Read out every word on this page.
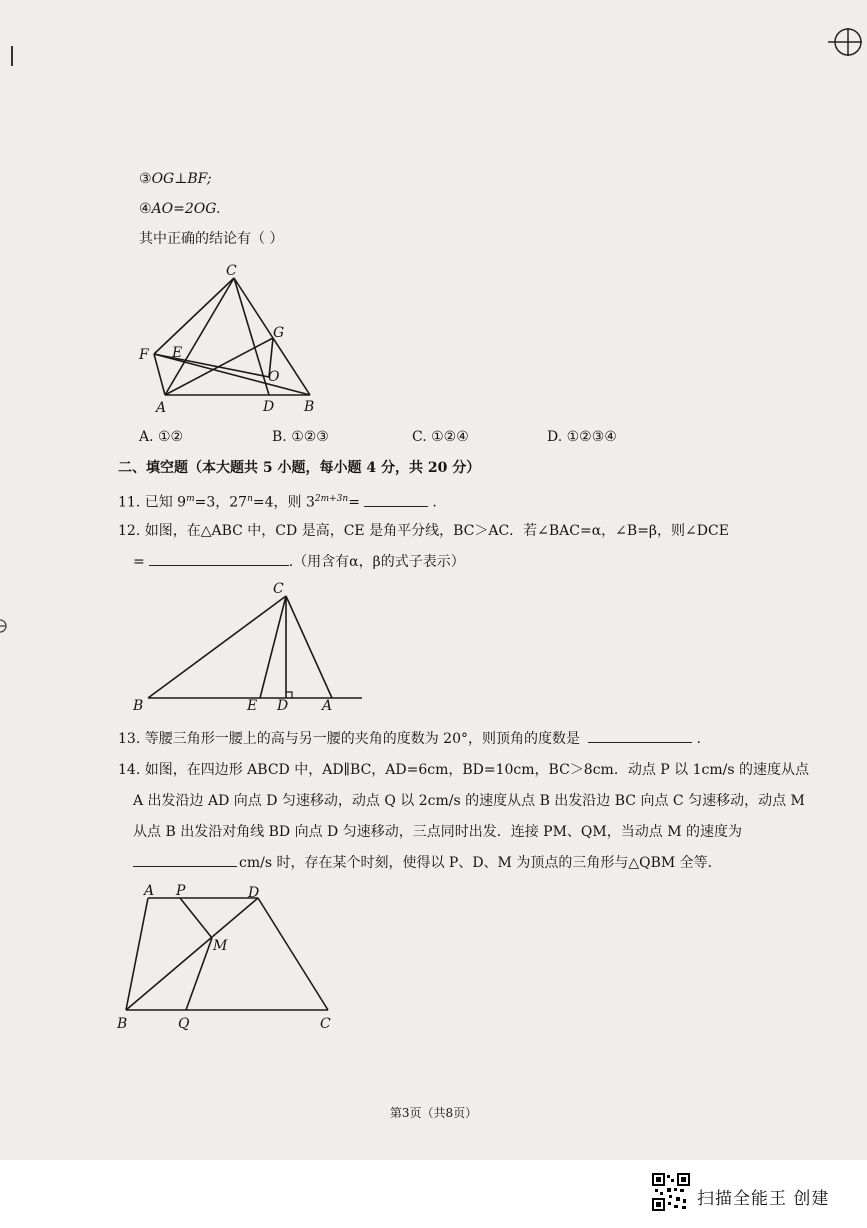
③OG⊥BF;
④AO=2OG.
其中正确的结论有（ ）
C
G
F E
O
A	D B
A. ①②	B. ①②③	C. ①②④	D. ①②③④
二、填空题（本大题共 5 小题，每小题 4 分，共 20 分）
11. 已知 $9^m=3$，$27^n=4$，则 $3^{2m+3n}=$	.
12. 如图，在△ABC 中，CD 是高，CE 是角平分线，BC＞AC．若∠BAC=α，∠B=β，则∠DCE
=	.（用含有α，β的式子表示）
C
B	E D A
13. 等腰三角形一腰上的高与另一腰的夹角的度数为 20°，则顶角的度数是	.
14. 如图，在四边形 ABCD 中，AD∥BC，AD=6cm，BD=10cm，BC＞8cm．动点 P 以 1cm/s 的速度从点
A 出发沿边 AD 向点 D 匀速移动，动点 Q 以 2cm/s 的速度从点 B 出发沿边 BC 向点 C 匀速移动，动点 M
从点 B 出发沿对角线 BD 向点 D 匀速移动，三点同时出发．连接 PM、QM，当动点 M 的速度为
cm/s 时，存在某个时刻，使得以 P、D、M 为顶点的三角形与△QBM 全等．
A P	D
M
B	Q	C
第3页（共8页）
扫描全能王 创建
